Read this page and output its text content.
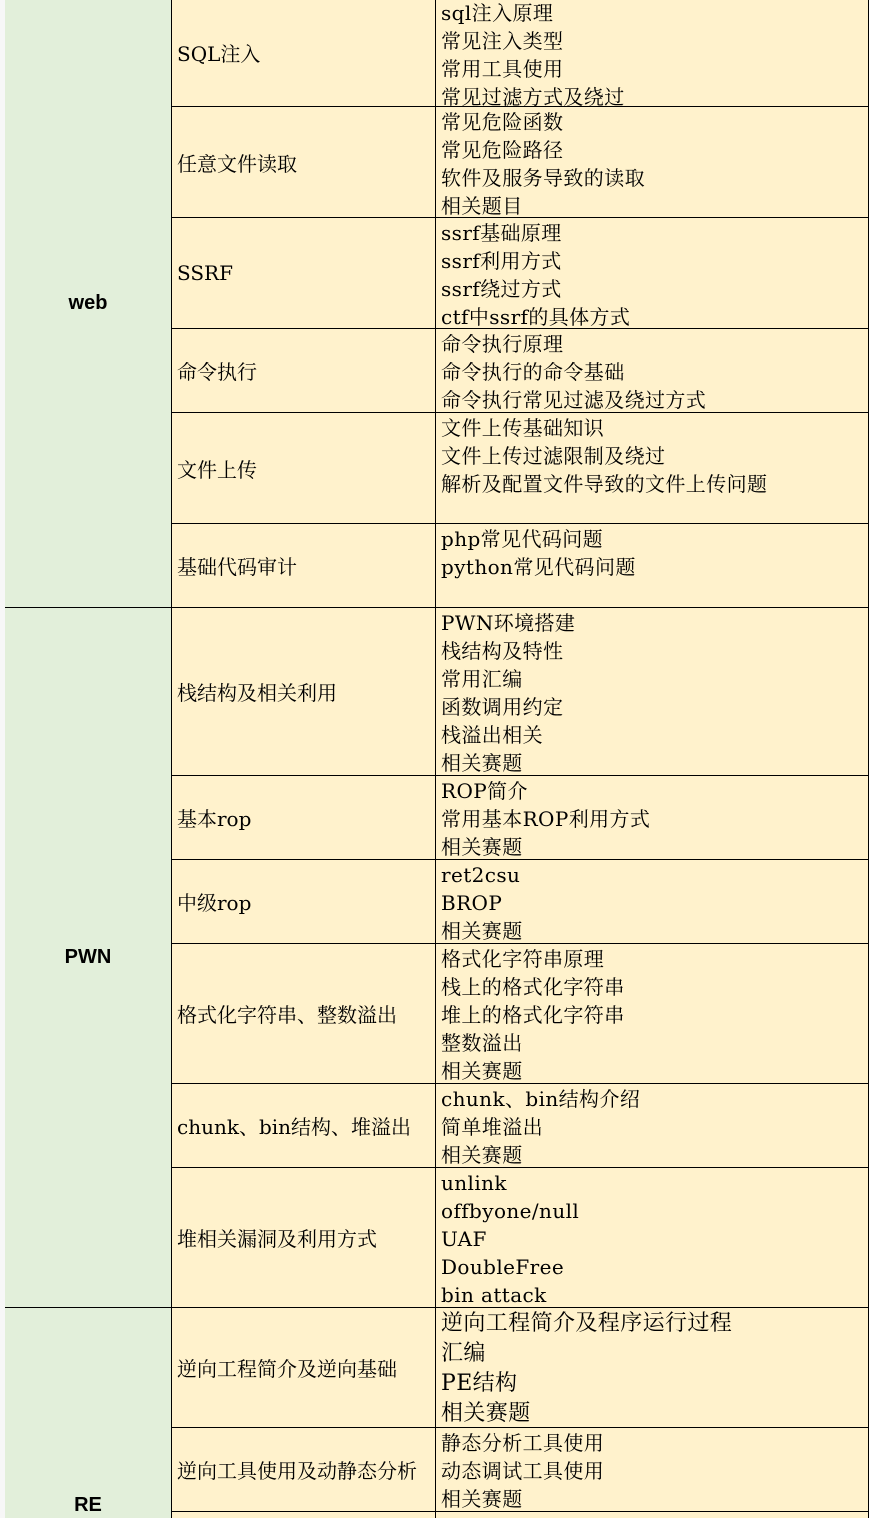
web
PWN
RE
SQL注入
sql注入原理
常见注入类型
常用工具使用
常见过滤方式及绕过
任意文件读取
常见危险函数
常见危险路径
软件及服务导致的读取
相关题目
SSRF
ssrf基础原理
ssrf利用方式
ssrf绕过方式
ctf中ssrf的具体方式
命令执行
命令执行原理
命令执行的命令基础
命令执行常见过滤及绕过方式
文件上传
文件上传基础知识
文件上传过滤限制及绕过
解析及配置文件导致的文件上传问题
基础代码审计
php常见代码问题
python常见代码问题
栈结构及相关利用
PWN环境搭建
栈结构及特性
常用汇编
函数调用约定
栈溢出相关
相关赛题
基本rop
ROP简介
常用基本ROP利用方式
相关赛题
中级rop
ret2csu
BROP
相关赛题
格式化字符串、整数溢出
格式化字符串原理
栈上的格式化字符串
堆上的格式化字符串
整数溢出
相关赛题
chunk、bin结构、堆溢出
chunk、bin结构介绍
简单堆溢出
相关赛题
堆相关漏洞及利用方式
unlink
offbyone/null
UAF
DoubleFree
bin attack
逆向工程简介及逆向基础
逆向工程简介及程序运行过程
汇编
PE结构
相关赛题
逆向工具使用及动静态分析
静态分析工具使用
动态调试工具使用
相关赛题
